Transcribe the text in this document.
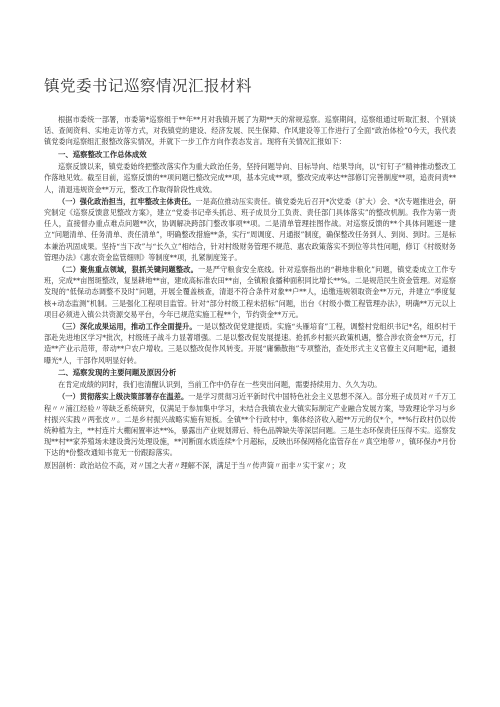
镇党委书记巡察情况汇报材料

根据市委统一部署，市委第*巡察组于**年**月对我镇开展了为期**天的常规巡察。巡察期间，巡察组通过听取汇报、个别谈话、查阅资料、实地走访等方式，对我镇党的建设、经济发展、民生保障、作风建设等工作进行了全面“政治体检”0今天，我代表镇党委向巡察组汇报整改落实情况，并就下一步工作方向作表态发言。现将有关情况汇报如下：

一、巡察整改工作总体成效

巡察反馈以来，镇党委始终把整改落实作为重大政治任务，坚持问题导向、目标导向、结果导向，以“钉钉子”精神推动整改工作落地见效。截至目前，巡察反馈的**项问题已整改完成**项，基本完成**项，整改完成率达**部修订完善制度**项，追责问责**人，清退违规资金**万元，整改工作取得阶段性成效。

（一）强化政治担当，扛牢整改主体责任。一是高位推动压实责任。镇党委先后召开*次党委（扩大）会、*次专题推进会，研究制定《巡察反馈意见整改方案》，建立“党委书记牵头抓总、班子成员分工负责、责任部门具体落实”的整改机制。我作为第一责任人，直接督办重点难点问题**次，协调解决跨部门整改事项**项。二是清单管理挂图作战。对巡察反馈的**个具体问题逐一建立“问题清单、任务清单、责任清单”，明确整改措施**条，实行“周调度、月通报”制度，确保整改任务到人、到岗、到时。三是标本兼治巩固成果。坚持“当下改”与“长久立”相结合，针对村级财务管理不规范、惠农政策落实不到位等共性问题，修订《村级财务管理办法》《惠农资金监管细则》等制度**项，扎紧制度笼子。

（二）聚焦重点领域，狠抓关键问题整改。一是严守粮食安全底线。针对巡察指出的“耕地非粮化”问题，镇党委成立工作专班，完成**亩图斑整改，复垦耕地**亩，建成高标准农田**亩，全镇粮食播种面积同比增长**%。二是规范民生资金管理。对巡察发现的“低保动态调整不及时”问题，开展全覆盖核查，清退不符合条件对象**户**人，追缴违规领取资金**万元，并建立“季度复核+动态监测”机制。三是强化工程项目监管。针对“部分村级工程未招标”问题，出台《村级小微工程管理办法》，明确**万元以上项目必须进入镇公共资源交易平台，今年已规范实施工程**个，节约资金**万元。

（三）深化成果运用，推动工作全面提升。一是以整改促党建提质。实施“头雁培育”工程，调整村党组织书记*名，组织村干部赴先进地区学习*批次，村级班子战斗力显著增强。二是以整改促发展提速。抢抓乡村振兴政策机遇，整合涉农资金**万元，打造**产业示范带，带动**户农户增收。三是以整改促作风转变。开展“庸懒散拖”专项整治，查处形式主义官僚主义问题*起，通报曝光*人，干部作风明显好转。

二、巡察发现的主要问题及原因分析

在肯定成绩的同时，我们也清醒认识到，当前工作中仍存在一些突出问题，需要持续用力、久久为功。

（一）贯彻落实上级决策部署存在温差。一是学习贯彻习近平新时代中国特色社会主义思想不深入。部分班子成员对〃千万工程〃〃浦江经验〃等缺乏系统研究，仅满足于参加集中学习，未结合我镇农业大镇实际制定产业融合发展方案，导致理论学习与乡村振兴实践〃两张皮〃。二是乡村振兴战略实施有短板。全镇**个行政村中，集体经济收入超**万元的仅*个，**%行政村仍以传统种植为主，**村连片大棚闲置率达**%，暴露出产业规划滞后、特色品牌缺失等深层问题。三是生态环保责任压得不实。巡察发现**村**家养殖场未建设粪污处理设施，**河断面水质连续*个月超标，反映出环保网格化监管存在〃真空地带〃，镇环保办*月份下达的*份整改通知书竟无一份跟踪落实。

原因剖析：政治站位不高，对〃国之大者〃理解不深，满足于当〃传声筒〃而非〃实干家〃；攻
